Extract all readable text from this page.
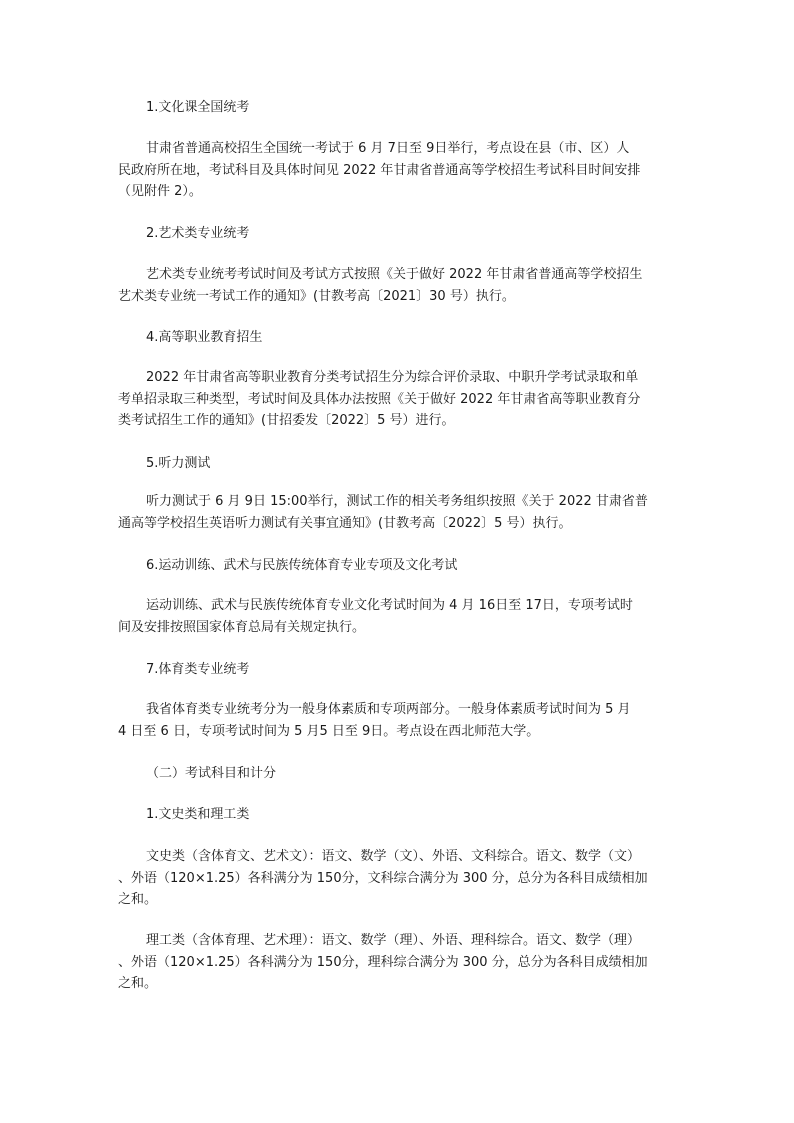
1.文化课全国统考

甘肃省普通高校招生全国统一考试于 6 月 7日至 9日举行，考点设在县（市、区）人
民政府所在地，考试科目及具体时间见 2022 年甘肃省普通高等学校招生考试科目时间安排
（见附件 2）。

2.艺术类专业统考

艺术类专业统考考试时间及考试方式按照《关于做好 2022 年甘肃省普通高等学校招生
艺术类专业统一考试工作的通知》(甘教考高〔2021〕30 号）执行。

4.高等职业教育招生

2022 年甘肃省高等职业教育分类考试招生分为综合评价录取、中职升学考试录取和单
考单招录取三种类型，考试时间及具体办法按照《关于做好 2022 年甘肃省高等职业教育分
类考试招生工作的通知》(甘招委发〔2022〕5 号）进行。

5.听力测试

听力测试于 6 月 9日 15:00举行，测试工作的相关考务组织按照《关于 2022 甘肃省普
通高等学校招生英语听力测试有关事宜通知》(甘教考高〔2022〕5 号）执行。

6.运动训练、武术与民族传统体育专业专项及文化考试

运动训练、武术与民族传统体育专业文化考试时间为 4 月 16日至 17日，专项考试时
间及安排按照国家体育总局有关规定执行。

7.体育类专业统考

我省体育类专业统考分为一般身体素质和专项两部分。一般身体素质考试时间为 5 月
4 日至 6 日，专项考试时间为 5 月5 日至 9日。考点设在西北师范大学。

（二）考试科目和计分
1.文史类和理工类

文史类（含体育文、艺术文）：语文、数学（文）、外语、文科综合。语文、数学（文）
、外语（120×1.25）各科满分为 150分，文科综合满分为 300 分，总分为各科目成绩相加
之和。

理工类（含体育理、艺术理）：语文、数学（理）、外语、理科综合。语文、数学（理）
、外语（120×1.25）各科满分为 150分，理科综合满分为 300 分，总分为各科目成绩相加
之和。
